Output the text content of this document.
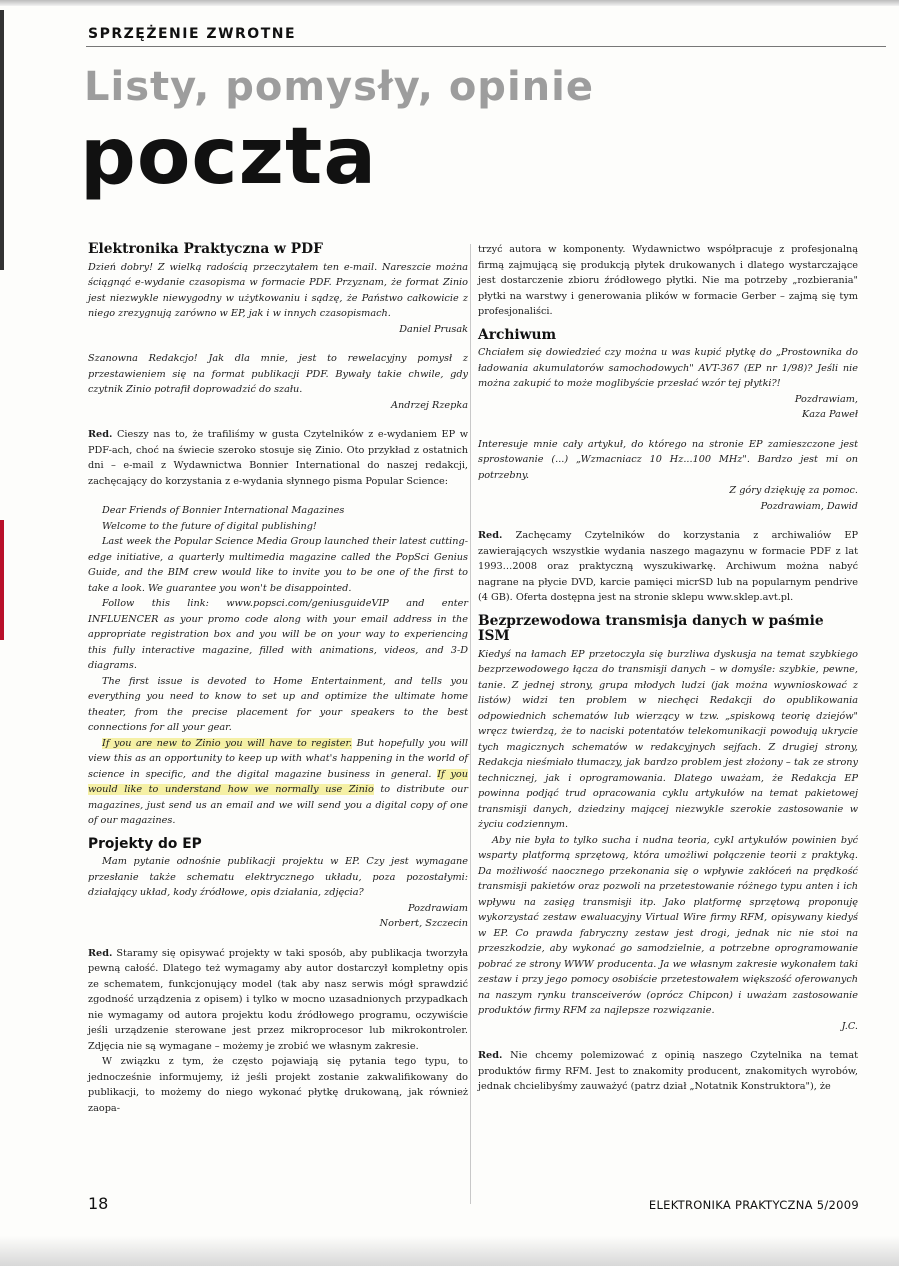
SPRZĘŻENIE ZWROTNE
Listy, pomysły, opinie
poczta
Elektronika Praktyczna w PDF

Dzień dobry! Z wielką radością przeczytałem ten e-mail. Nareszcie można ściągnąć e-wydanie czasopisma w formacie PDF. Przyznam, że format Zinio jest niezwykle niewygodny w użytkowaniu i sądzę, że Państwo całkowicie z niego zrezygnują zarówno w EP, jak i w innych czasopismach.

Daniel Prusak

Szanowna Redakcjo! Jak dla mnie, jest to rewelacyjny pomysł z przestawieniem się na format publikacji PDF. Bywały takie chwile, gdy czytnik Zinio potrafił doprowadzić do szału.

Andrzej Rzepka

Red. Cieszy nas to, że trafiliśmy w gusta Czytelników z e-wydaniem EP w PDF-ach, choć na świecie szeroko stosuje się Zinio. Oto przykład z ostatnich dni – e-mail z Wydawnictwa Bonnier International do naszej redakcji, zachęcający do korzystania z e-wydania słynnego pisma Popular Science:

Dear Friends of Bonnier International Magazines

Welcome to the future of digital publishing!

Last week the Popular Science Media Group launched their latest cutting-edge initiative, a quarterly multimedia magazine called the PopSci Genius Guide, and the BIM crew would like to invite you to be one of the first to take a look. We guarantee you won't be disappointed.

Follow this link: www.popsci.com/geniusguideVIP and enter INFLUENCER as your promo code along with your email address in the appropriate registration box and you will be on your way to experiencing this fully interactive magazine, filled with animations, videos, and 3-D diagrams.

The first issue is devoted to Home Entertainment, and tells you everything you need to know to set up and optimize the ultimate home theater, from the precise placement for your speakers to the best connections for all your gear.

If you are new to Zinio you will have to register. But hopefully you will view this as an opportunity to keep up with what's happening in the world of science in specific, and the digital magazine business in general. If you would like to understand how we normally use Zinio to distribute our magazines, just send us an email and we will send you a digital copy of one of our magazines.

Projekty do EP

Mam pytanie odnośnie publikacji projektu w EP. Czy jest wymagane przesłanie także schematu elektrycznego układu, poza pozostałymi: działający układ, kody źródłowe, opis działania, zdjęcia?

Pozdrawiam

Norbert, Szczecin

Red. Staramy się opisywać projekty w taki sposób, aby publikacja tworzyła pewną całość. Dlatego też wymagamy aby autor dostarczył kompletny opis ze schematem, funkcjonujący model (tak aby nasz serwis mógł sprawdzić zgodność urządzenia z opisem) i tylko w mocno uzasadnionych przypadkach nie wymagamy od autora projektu kodu źródłowego programu, oczywiście jeśli urządzenie sterowane jest przez mikroprocesor lub mikrokontroler. Zdjęcia nie są wymagane – możemy je zrobić we własnym zakresie.

W związku z tym, że często pojawiają się pytania tego typu, to jednocześnie informujemy, iż jeśli projekt zostanie zakwalifikowany do publikacji, to możemy do niego wykonać płytkę drukowaną, jak również zaopa-

trzyć autora w komponenty. Wydawnictwo współpracuje z profesjonalną firmą zajmującą się produkcją płytek drukowanych i dlatego wystarczające jest dostarczenie zbioru źródłowego płytki. Nie ma potrzeby „rozbierania" płytki na warstwy i generowania plików w formacie Gerber – zajmą się tym profesjonaliści.

Archiwum

Chciałem się dowiedzieć czy można u was kupić płytkę do „Prostownika do ładowania akumulatorów samochodowych" AVT-367 (EP nr 1/98)? Jeśli nie można zakupić to może moglibyście przesłać wzór tej płytki?!

Pozdrawiam,

Kaza Paweł

Interesuje mnie cały artykuł, do którego na stronie EP zamieszczone jest sprostowanie (...) „Wzmacniacz 10 Hz...100 MHz". Bardzo jest mi on potrzebny.

Z góry dziękuję za pomoc.

Pozdrawiam, Dawid

Red. Zachęcamy Czytelników do korzystania z archiwaliów EP zawierających wszystkie wydania naszego magazynu w formacie PDF z lat 1993…2008 oraz praktyczną wyszukiwarkę. Archiwum można nabyć nagrane na płycie DVD, karcie pamięci micrSD lub na popularnym pendrive (4 GB). Oferta dostępna jest na stronie sklepu www.sklep.avt.pl.

Bezprzewodowa transmisja danych w paśmie ISM

Kiedyś na łamach EP przetoczyła się burzliwa dyskusja na temat szybkiego bezprzewodowego łącza do transmisji danych – w domyśle: szybkie, pewne, tanie. Z jednej strony, grupa młodych ludzi (jak można wywnioskować z listów) widzi ten problem w niechęci Redakcji do opublikowania odpowiednich schematów lub wierzący w tzw. „spiskową teorię dziejów" wręcz twierdzą, że to naciski potentatów telekomunikacji powodują ukrycie tych magicznych schematów w redakcyjnych sejfach. Z drugiej strony, Redakcja nieśmiało tłumaczy, jak bardzo problem jest złożony – tak ze strony technicznej, jak i oprogramowania. Dlatego uważam, że Redakcja EP powinna podjąć trud opracowania cyklu artykułów na temat pakietowej transmisji danych, dziedziny mającej niezwykle szerokie zastosowanie w życiu codziennym.

Aby nie była to tylko sucha i nudna teoria, cykl artykułów powinien być wsparty platformą sprzętową, która umożliwi połączenie teorii z praktyką. Da możliwość naocznego przekonania się o wpływie zakłóceń na prędkość transmisji pakietów oraz pozwoli na przetestowanie różnego typu anten i ich wpływu na zasięg transmisji itp. Jako platformę sprzętową proponuję wykorzystać zestaw ewaluacyjny Virtual Wire firmy RFM, opisywany kiedyś w EP. Co prawda fabryczny zestaw jest drogi, jednak nic nie stoi na przeszkodzie, aby wykonać go samodzielnie, a potrzebne oprogramowanie pobrać ze strony WWW producenta. Ja we własnym zakresie wykonałem taki zestaw i przy jego pomocy osobiście przetestowałem większość oferowanych na naszym rynku transceiverów (oprócz Chipcon) i uważam zastosowanie produktów firmy RFM za najlepsze rozwiązanie.

J.C.

Red. Nie chcemy polemizować z opinią naszego Czytelnika na temat produktów firmy RFM. Jest to znakomity producent, znakomitych wyrobów, jednak chcielibyśmy zauważyć (patrz dział „Notatnik Konstruktora"), że

18	ELEKTRONIKA PRAKTYCZNA 5/2009
